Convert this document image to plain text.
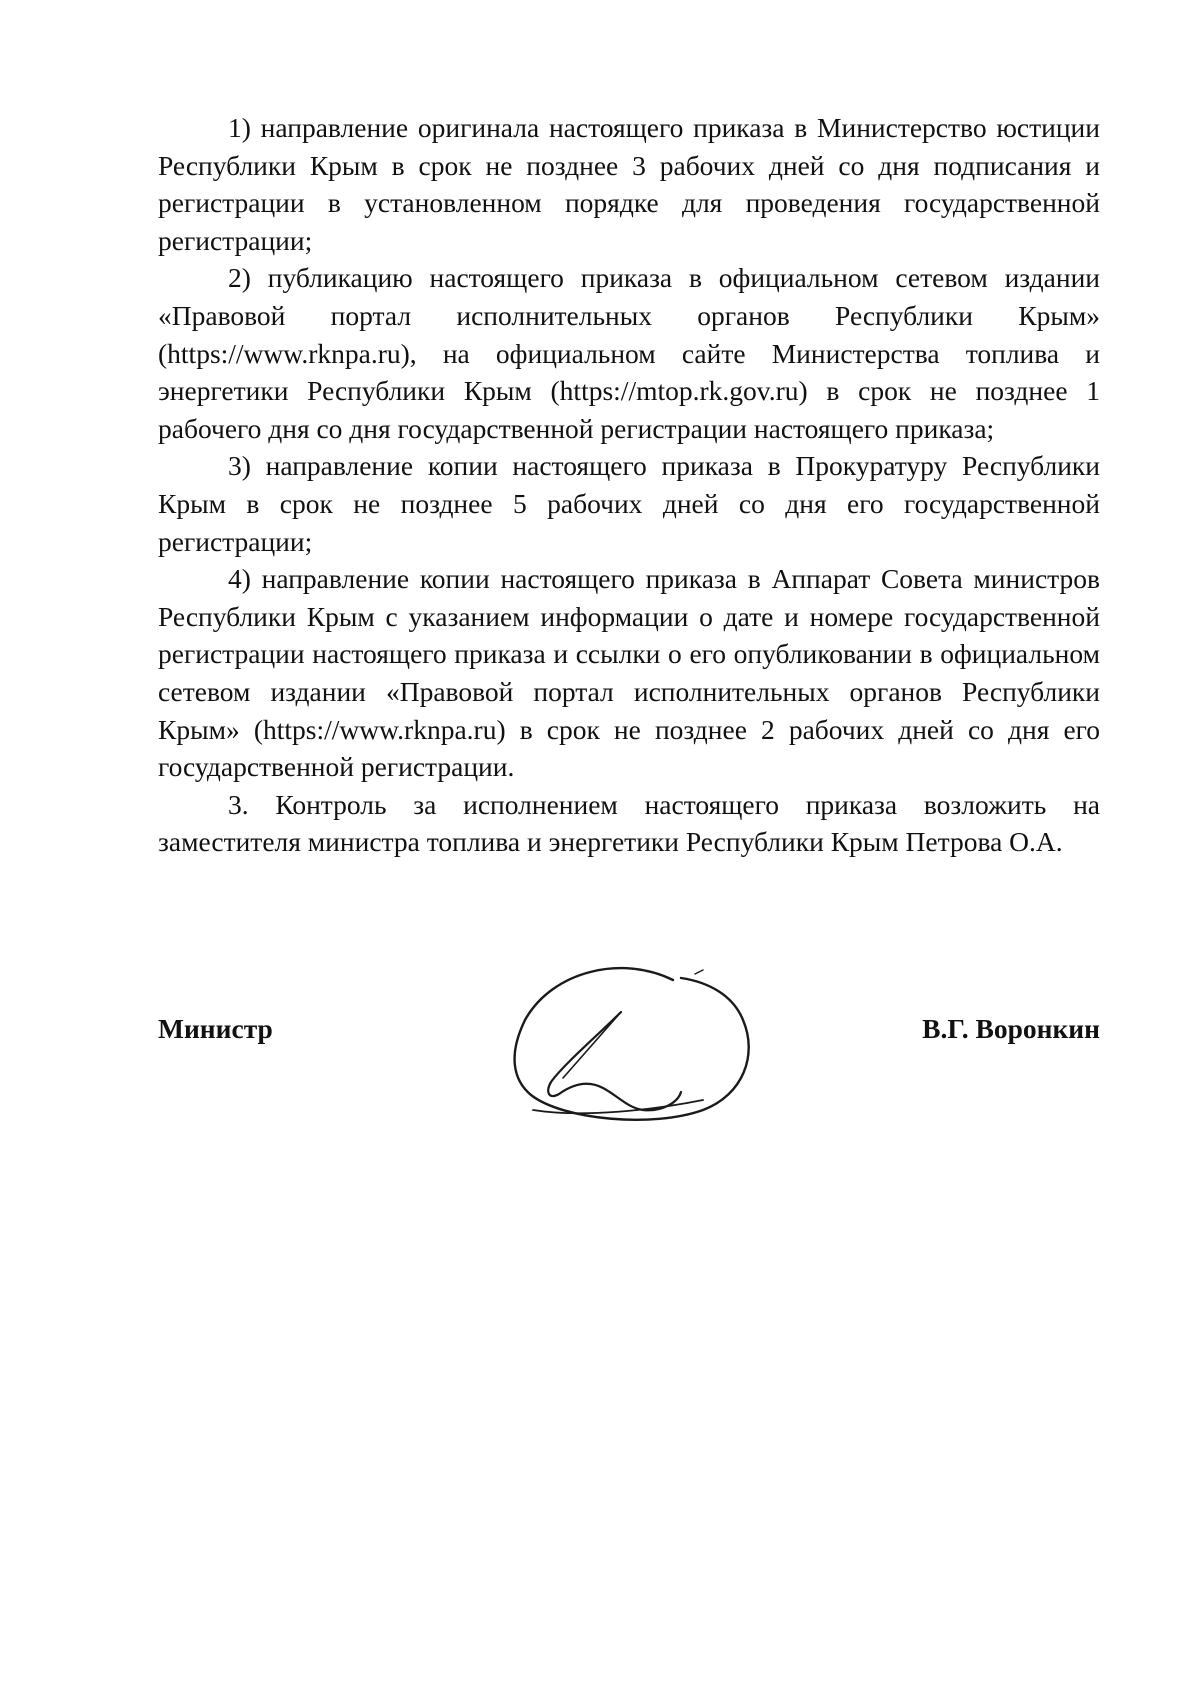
1) направление оригинала настоящего приказа в Министерство юстиции Республики Крым в срок не позднее 3 рабочих дней со дня подписания и регистрации в установленном порядке для проведения государственной регистрации;

2) публикацию настоящего приказа в официальном сетевом издании «Правовой портал исполнительных органов Республики Крым» (https://www.rknpa.ru), на официальном сайте Министерства топлива и энергетики Республики Крым (https://mtop.rk.gov.ru) в срок не позднее 1 рабочего дня со дня государственной регистрации настоящего приказа;

3) направление копии настоящего приказа в Прокуратуру Республики Крым в срок не позднее 5 рабочих дней со дня его государственной регистрации;

4) направление копии настоящего приказа в Аппарат Совета министров Республики Крым с указанием информации о дате и номере государственной регистрации настоящего приказа и ссылки о его опубликовании в официальном сетевом издании «Правовой портал исполнительных органов Республики Крым» (https://www.rknpa.ru) в срок не позднее 2 рабочих дней со дня его государственной регистрации.

3. Контроль за исполнением настоящего приказа возложить на заместителя министра топлива и энергетики Республики Крым Петрова О.А.

Министр	В.Г. Воронкин
